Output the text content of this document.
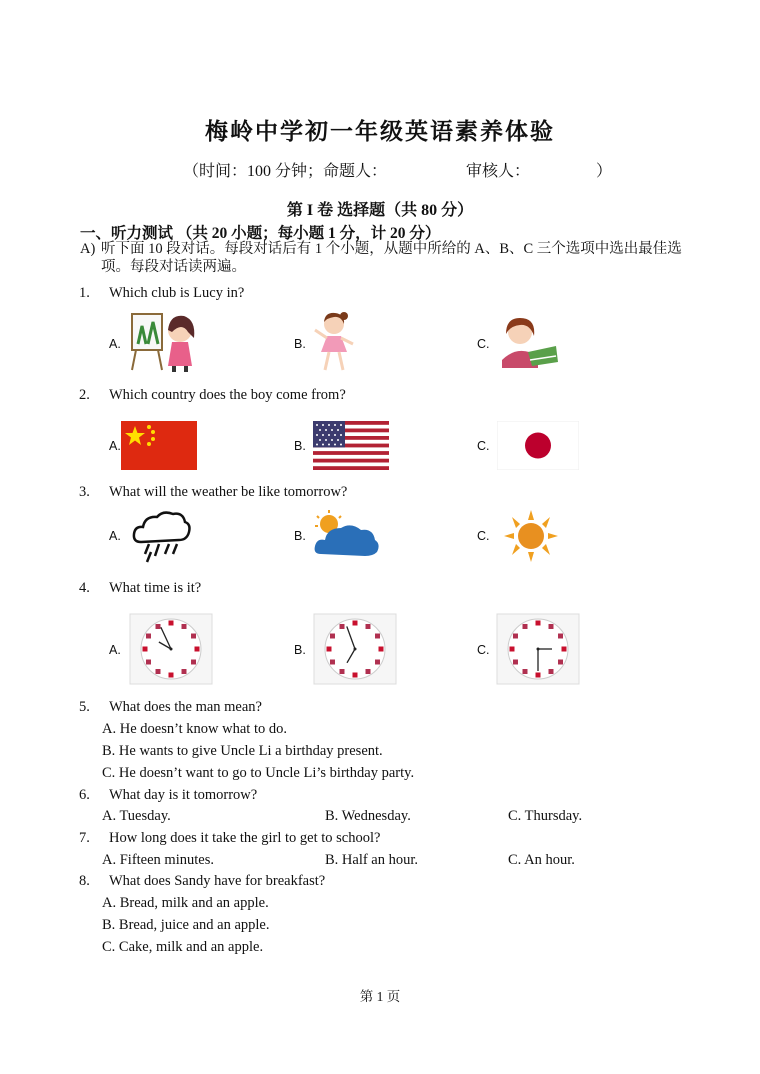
梅岭中学初一年级英语素养体验
（时间：100 分钟；命题人：	审核人：	）
第 I 卷 选择题（共 80 分）
一、听力测试 （共 20 小题；每小题 1 分，计 20 分）
A) 听下面 10 段对话。每段对话后有 1 个小题，从题中所给的 A、B、C 三个选项中选出最佳选项。每段对话读两遍。
1. Which club is Lucy in?
A.	B.	C.
2. Which country does the boy come from?
A.	B.	C.
3. What will the weather be like tomorrow?
A.	B.	C.
4. What time is it?
A.	B.	C.
5. What does the man mean?
A. He doesn’t know what to do.
B. He wants to give Uncle Li a birthday present.
C. He doesn’t want to go to Uncle Li’s birthday party.
6. What day is it tomorrow?
A. Tuesday.	B. Wednesday.	C. Thursday.
7. How long does it take the girl to get to school?
A. Fifteen minutes.	B. Half an hour.	C. An hour.
8. What does Sandy have for breakfast?
A. Bread, milk and an apple.
B. Bread, juice and an apple.
C. Cake, milk and an apple.
第 1 页
